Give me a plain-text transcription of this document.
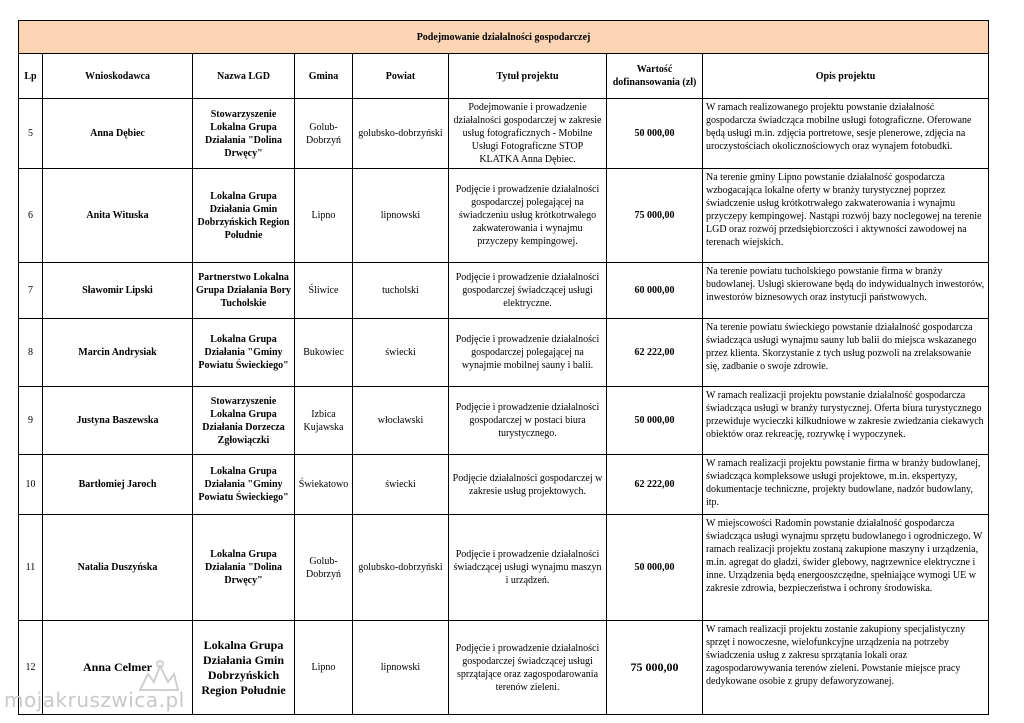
Podejmowanie działalności gospodarczej							
Lp	Wnioskodawca	Nazwa LGD	Gmina	Powiat	Tytuł projektu	Wartość dofinansowania (zł)	Opis projektu
5	Anna Dębiec	Stowarzyszenie Lokalna Grupa Działania "Dolina Drwęcy"	Golub-Dobrzyń	golubsko-dobrzyński	Podejmowanie i prowadzenie działalności gospodarczej w zakresie usług fotograficznych - Mobilne Usługi Fotograficzne STOP KLATKA Anna Dębiec.	50 000,00	W ramach realizowanego projektu powstanie działalność gospodarcza świadcząca mobilne usługi fotograficzne. Oferowane będą usługi m.in. zdjęcia portretowe, sesje plenerowe, zdjęcia na uroczystościach okolicznościowych oraz wynajem fotobudki.
6	Anita Wituska	Lokalna Grupa Działania Gmin Dobrzyńskich Region Południe	Lipno	lipnowski	Podjęcie i prowadzenie działalności gospodarczej polegającej na świadczeniu usług krótkotrwałego zakwaterowania i wynajmu przyczepy kempingowej.	75 000,00	Na terenie gminy Lipno powstanie działalność gospodarcza wzbogacająca lokalne oferty w branży turystycznej poprzez świadczenie usług krótkotrwałego zakwaterowania i wynajmu przyczepy kempingowej. Nastąpi rozwój bazy noclegowej na terenie LGD oraz rozwój przedsiębiorczości i aktywności zawodowej na terenach wiejskich.
7	Sławomir Lipski	Partnerstwo Lokalna Grupa Działania Bory Tucholskie	Śliwice	tucholski	Podjęcie i prowadzenie działalności gospodarczej świadczącej usługi elektryczne.	60 000,00	Na terenie powiatu tucholskiego powstanie firma w branży budowlanej. Usługi skierowane będą do indywidualnych inwestorów, inwestorów biznesowych oraz instytucji państwowych.
8	Marcin Andrysiak	Lokalna Grupa Działania "Gminy Powiatu Świeckiego"	Bukowiec	świecki	Podjęcie i prowadzenie działalności gospodarczej polegającej na wynajmie mobilnej sauny i balii.	62 222,00	Na terenie powiatu świeckiego powstanie działalność gospodarcza świadcząca usługi wynajmu sauny lub balii do miejsca wskazanego przez klienta. Skorzystanie z tych usług pozwoli na zrelaksowanie się, zadbanie o swoje zdrowie.
9	Justyna Baszewska	Stowarzyszenie Lokalna Grupa Działania Dorzecza Zgłowiączki	Izbica Kujawska	włocławski	Podjęcie i prowadzenie działalności gospodarczej w postaci biura turystycznego.	50 000,00	W ramach realizacji projektu powstanie działalność gospodarcza świadcząca usługi w branży turystycznej. Oferta biura turystycznego przewiduje wycieczki kilkudniowe w zakresie zwiedzania ciekawych obiektów oraz rekreację, rozrywkę i wypoczynek.
10	Bartłomiej Jaroch	Lokalna Grupa Działania "Gminy Powiatu Świeckiego"	Świekatowo	świecki	Podjęcie działalności gospodarczej w zakresie usług projektowych.	62 222,00	W ramach realizacji projektu powstanie firma w branży budowlanej, świadcząca kompleksowe usługi projektowe, m.in. ekspertyzy, dokumentacje techniczne, projekty budowlane, nadzór budowlany, itp.
11	Natalia Duszyńska	Lokalna Grupa Działania "Dolina Drwęcy"	Golub-Dobrzyń	golubsko-dobrzyński	Podjęcie i prowadzenie działalności świadczącej usługi wynajmu maszyn i urządzeń.	50 000,00	W miejscowości Radomin powstanie działalność gospodarcza świadcząca usługi wynajmu sprzętu budowlanego i ogrodniczego. W ramach realizacji projektu zostaną zakupione maszyny i urządzenia, m.in. agregat do gładzi, świder glebowy, nagrzewnice elektryczne i inne. Urządzenia będą energooszczędne, spełniające wymogi UE w zakresie zdrowia, bezpieczeństwa i ochrony środowiska.
12	Anna Celmer	Lokalna Grupa Działania Gmin Dobrzyńskich Region Południe	Lipno	lipnowski	Podjęcie i prowadzenie działalności gospodarczej świadczącej usługi sprzątające oraz zagospodarowania terenów zieleni.	75 000,00	W ramach realizacji projektu zostanie zakupiony specjalistyczny sprzęt i nowoczesne, wielofunkcyjne urządzenia na potrzeby świadczenia usług z zakresu sprzątania lokali oraz zagospodarowywania terenów zieleni. Powstanie miejsce pracy dedykowane osobie z grupy defaworyzowanej.
mojakruszwica.pl
